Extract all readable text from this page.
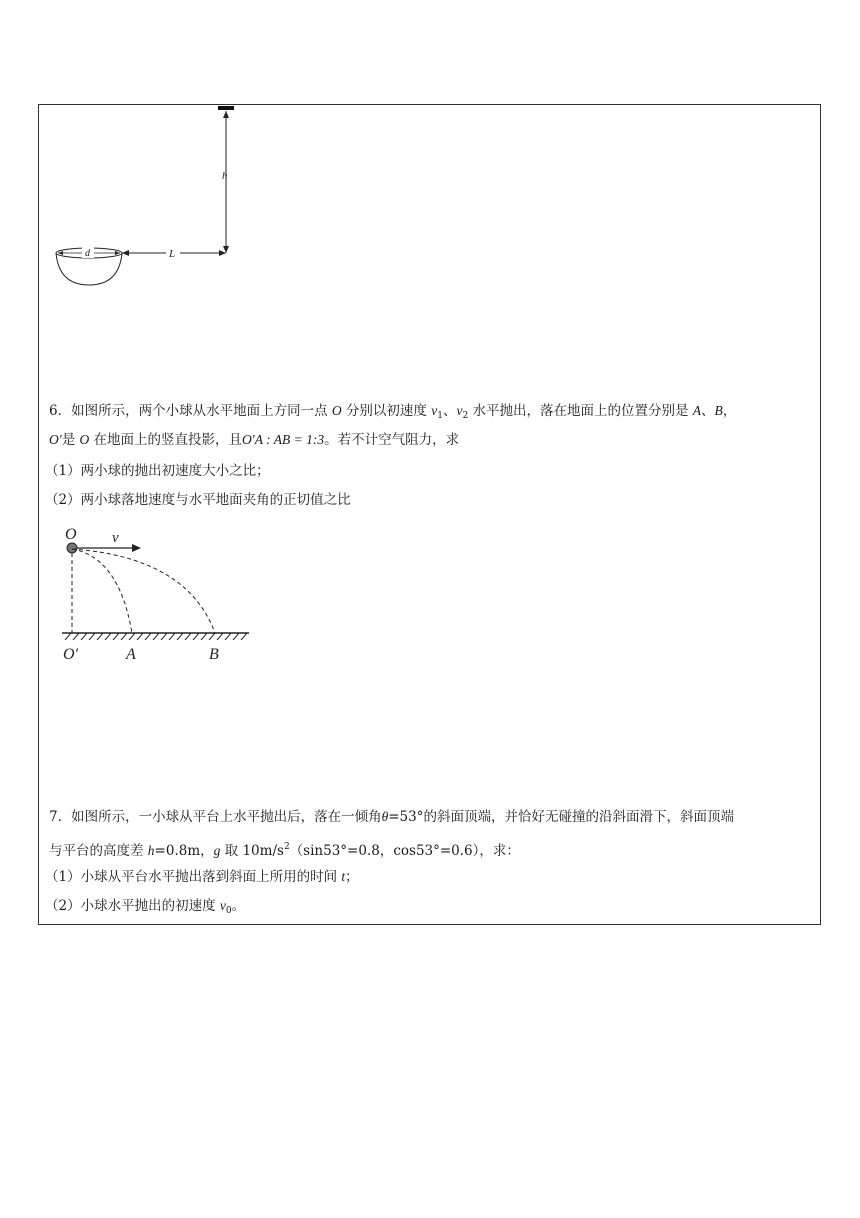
h
L
d
6．如图所示，两个小球从水平地面上方同一点 O 分别以初速度 $v_1$、$v_2$ 水平抛出，落在地面上的位置分别是 A、B，
O′是 O 在地面上的竖直投影，且O′A : AB = 1:3。若不计空气阻力，求
（1）两小球的抛出初速度大小之比；
（2）两小球落地速度与水平地面夹角的正切值之比
O v
O′	A	B
7．如图所示，一小球从平台上水平抛出后，落在一倾角θ=53°的斜面顶端，并恰好无碰撞的沿斜面滑下，斜面顶端
与平台的高度差 h=0.8m，g 取 $10m/s^2(\sin 53^\circ=0.8$，cos53°=0.6），求：
（1）小球从平台水平抛出落到斜面上所用的时间 t；
（2）小球水平抛出的初速度 $v_0$。
